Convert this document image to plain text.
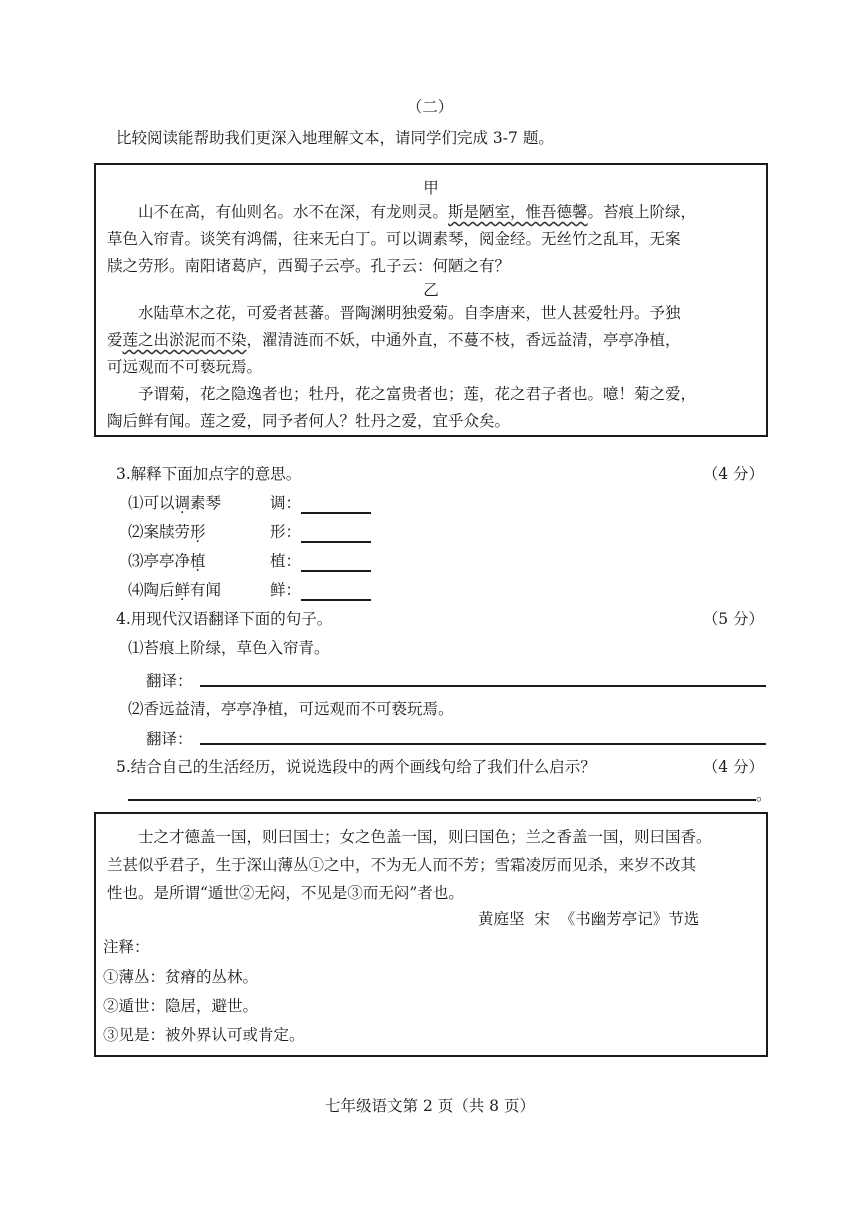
（二）
比较阅读能帮助我们更深入地理解文本，请同学们完成 3-7 题。
甲
山不在高，有仙则名。水不在深，有龙则灵。斯是陋室，惟吾德馨。苔痕上阶绿，
草色入帘青。谈笑有鸿儒，往来无白丁。可以调素琴，阅金经。无丝竹之乱耳，无案
牍之劳形。南阳诸葛庐，西蜀子云亭。孔子云：何陋之有？
乙
水陆草木之花，可爱者甚蕃。晋陶渊明独爱菊。自李唐来，世人甚爱牡丹。予独
爱莲之出淤泥而不染，濯清涟而不妖，中通外直，不蔓不枝，香远益清，亭亭净植，
可远观而不可亵玩焉。
予谓菊，花之隐逸者也；牡丹，花之富贵者也；莲，花之君子者也。噫！菊之爱，
陶后鲜有闻。莲之爱，同予者何人？牡丹之爱，宜乎众矣。
3.解释下面加点字的意思。	（4 分）
⑴可以调素琴	调：
⑵案牍劳形	形：
⑶亭亭净植	植：
⑷陶后鲜有闻	鲜：
4.用现代汉语翻译下面的句子。	（5 分）
⑴苔痕上阶绿，草色入帘青。
翻译：
⑵香远益清，亭亭净植，可远观而不可亵玩焉。
翻译：
5.结合自己的生活经历，说说选段中的两个画线句给了我们什么启示？	（4 分）
。
士之才德盖一国，则曰国士；女之色盖一国，则曰国色；兰之香盖一国，则曰国香。
兰甚似乎君子，生于深山薄丛①之中，不为无人而不芳；雪霜凌厉而见杀，来岁不改其
性也。是所谓“遁世②无闷，不见是③而无闷”者也。
黄庭坚  宋  《书幽芳亭记》节选
注释：
①薄丛：贫瘠的丛林。
②遁世：隐居，避世。
③见是：被外界认可或肯定。
七年级语文第 2 页（共 8 页）
